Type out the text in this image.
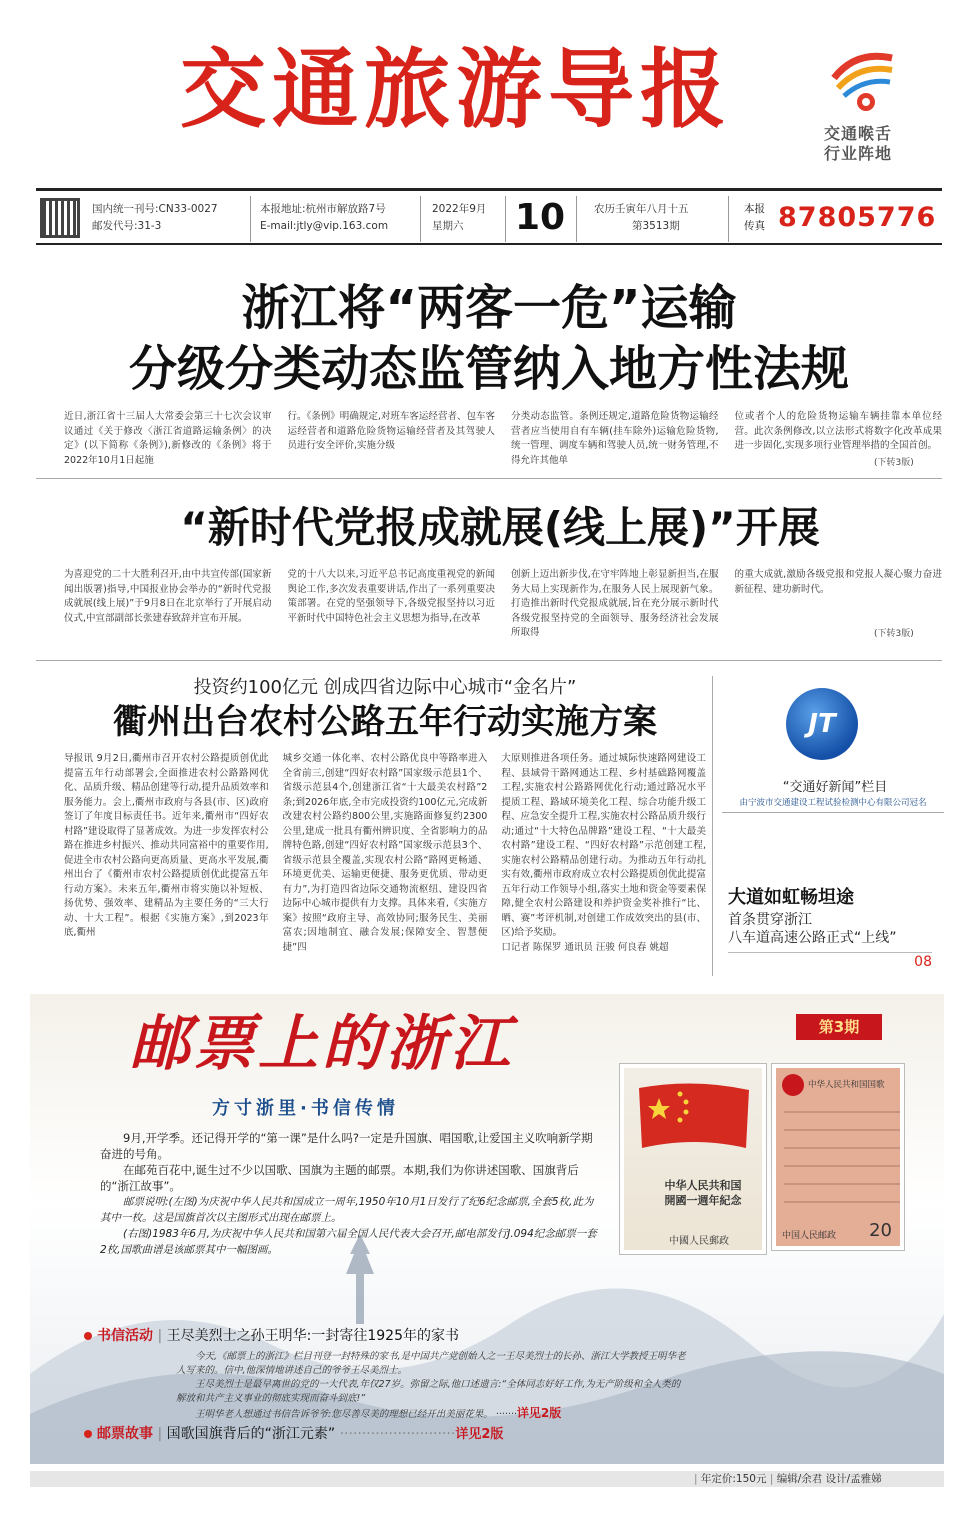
交通旅游导报	交通喉舌
行业阵地
国内统一刊号:CN33-0027
邮发代号:31-3
本报地址:杭州市解放路7号
E-mail:jtly@vip.163.com
2022年9月
星期六	10	农历壬寅年八月十五
第3513期
本报
传真 87805776
浙江将“两客一危”运输
分级分类动态监管纳入地方性法规
近日,浙江省十三届人大常委会第三十七次会议审议通过《关于修改〈浙江省道路运输条例〉的决定》(以下简称《条例》),新修改的《条例》将于2022年10月1日起施
行。《条例》明确规定,对班车客运经营者、包车客运经营者和道路危险货物运输经营者及其驾驶人员进行安全评价,实施分级
分类动态监管。条例还规定,道路危险货物运输经营者应当使用自有车辆(挂车除外)运输危险货物,统一管理、调度车辆和驾驶人员,统一财务管理,不得允许其他单
位或者个人的危险货物运输车辆挂靠本单位经营。此次条例修改,以立法形式将数字化改革成果进一步固化,实现多项行业管理举措的全国首创。
(下转3版)
“新时代党报成就展(线上展)”开展
为喜迎党的二十大胜利召开,由中共宣传部(国家新闻出版署)指导,中国报业协会举办的“新时代党报成就展(线上展)”于9月8日在北京举行了开展启动仪式,中宣部副部长张建春致辞并宣布开展。
党的十八大以来,习近平总书记高度重视党的新闻舆论工作,多次发表重要讲话,作出了一系列重要决策部署。在党的坚强领导下,各级党报坚持以习近平新时代中国特色社会主义思想为指导,在改革
创新上迈出新步伐,在守牢阵地上彰显新担当,在服务大局上实现新作为,在服务人民上展现新气象。打造推出新时代党报成就展,旨在充分展示新时代各级党报坚持党的全面领导、服务经济社会发展所取得
的重大成就,激励各级党报和党报人凝心聚力奋进新征程、建功新时代。
(下转3版)
投资约100亿元 创成四省边际中心城市“金名片”
衢州出台农村公路五年行动实施方案
导报讯 9月2日,衢州市召开农村公路提质创优此提富五年行动部署会,全面推进农村公路路网优化、品质升级、精品创建等行动,提升品质效率和服务能力。会上,衢州市政府与各县(市、区)政府签订了年度目标责任书。近年来,衢州市“四好农村路”建设取得了显著成效。为进一步发挥农村公路在推进乡村振兴、推动共同富裕中的重要作用,促进全市农村公路向更高质量、更高水平发展,衢州出台了《衢州市农村公路提质创优此提富五年行动方案》。未来五年,衢州市将实施以补短板、扬优势、强效率、建精品为主要任务的“三大行动、十大工程”。根据《实施方案》,到2023年底,衢州
城乡交通一体化率、农村公路优良中等路率进入全省前三,创建“四好农村路”国家级示范县1个、省级示范县4个,创建浙江省“十大最美农村路”2条;到2026年底,全市完成投资约100亿元,完成新改建农村公路约800公里,实施路面修复约2300公里,建成一批具有衢州辨识度、全省影响力的品牌特色路,创建“四好农村路”国家级示范县3个、省级示范县全覆盖,实现农村公路“路网更畅通、环境更优美、运输更便捷、服务更优质、带动更有力”,为打造四省边际交通物流枢纽、建设四省边际中心城市提供有力支撑。具体来看,《实施方案》按照“政府主导、高效协同;服务民生、美丽富农;因地制宜、融合发展;保障安全、智慧便捷”四
大原则推进各项任务。通过城际快速路网建设工程、县域骨干路网通达工程、乡村基础路网覆盖工程,实施农村公路路网优化行动;通过路况水平提质工程、路域环境美化工程、综合功能升级工程、应急安全提升工程,实施农村公路品质升级行动;通过“十大特色品牌路”建设工程、“十大最美农村路”建设工程、“四好农村路”示范创建工程,实施农村公路精品创建行动。为推动五年行动扎实有效,衢州市政府成立农村公路提质创优此提富五年行动工作领导小组,落实土地和资金等要素保障,健全农村公路建设和养护资金奖补推行“比、晒、赛”考评机制,对创建工作成效突出的县(市、区)给予奖励。
口记者 陈保罗 通讯员 汪骏 何良春 姚超
JT
“交通好新闻”栏目
由宁波市交通建设工程试验检测中心有限公司冠名
大道如虹畅坦途
首条贯穿浙江
八车道高速公路正式“上线”
08
邮票上的浙江
方寸浙里·书信传情
第3期
9月,开学季。还记得开学的“第一课”是什么吗?一定是升国旗、唱国歌,让爱国主义吹响新学期奋进的号角。
在邮苑百花中,诞生过不少以国歌、国旗为主题的邮票。本期,我们为你讲述国歌、国旗背后的“浙江故事”。
邮票说明:(左图)为庆祝中华人民共和国成立一周年,1950年10月1日发行了纪6纪念邮票,全套5枚,此为其中一枚。这是国旗首次以主图形式出现在邮票上。
(右图)1983年6月,为庆祝中华人民共和国第六届全国人民代表大会召开,邮电部发行J.094纪念邮票一套2枚,国歌曲谱是该邮票其中一幅图画。
中华人民共和国
開國一週年紀念
中國人民郵政
中华人民共和国国歌
中国人民邮政 20
书信活动 | 王尽美烈士之孙王明华:一封寄往1925年的家书
今天,《邮票上的浙江》栏目刊登一封特殊的家书,是中国共产党创始人之一王尽美烈士的长孙、浙江大学教授王明华老人写来的。信中,他深情地讲述自己的爷爷王尽美烈士。
王尽美烈士是最早离世的党的一大代表,年仅27岁。弥留之际,他口述遗言:“全体同志好好工作,为无产阶级和全人类的解放和共产主义事业的彻底实现而奋斗到底!”
王明华老人想通过书信告诉爷爷:您尽善尽美的理想已经开出美丽花果。 ·······详见2版
邮票故事 | 国歌国旗背后的“浙江元素” ··························详见2版
| 年定价:150元 | 编辑/余君 设计/孟雅娣
